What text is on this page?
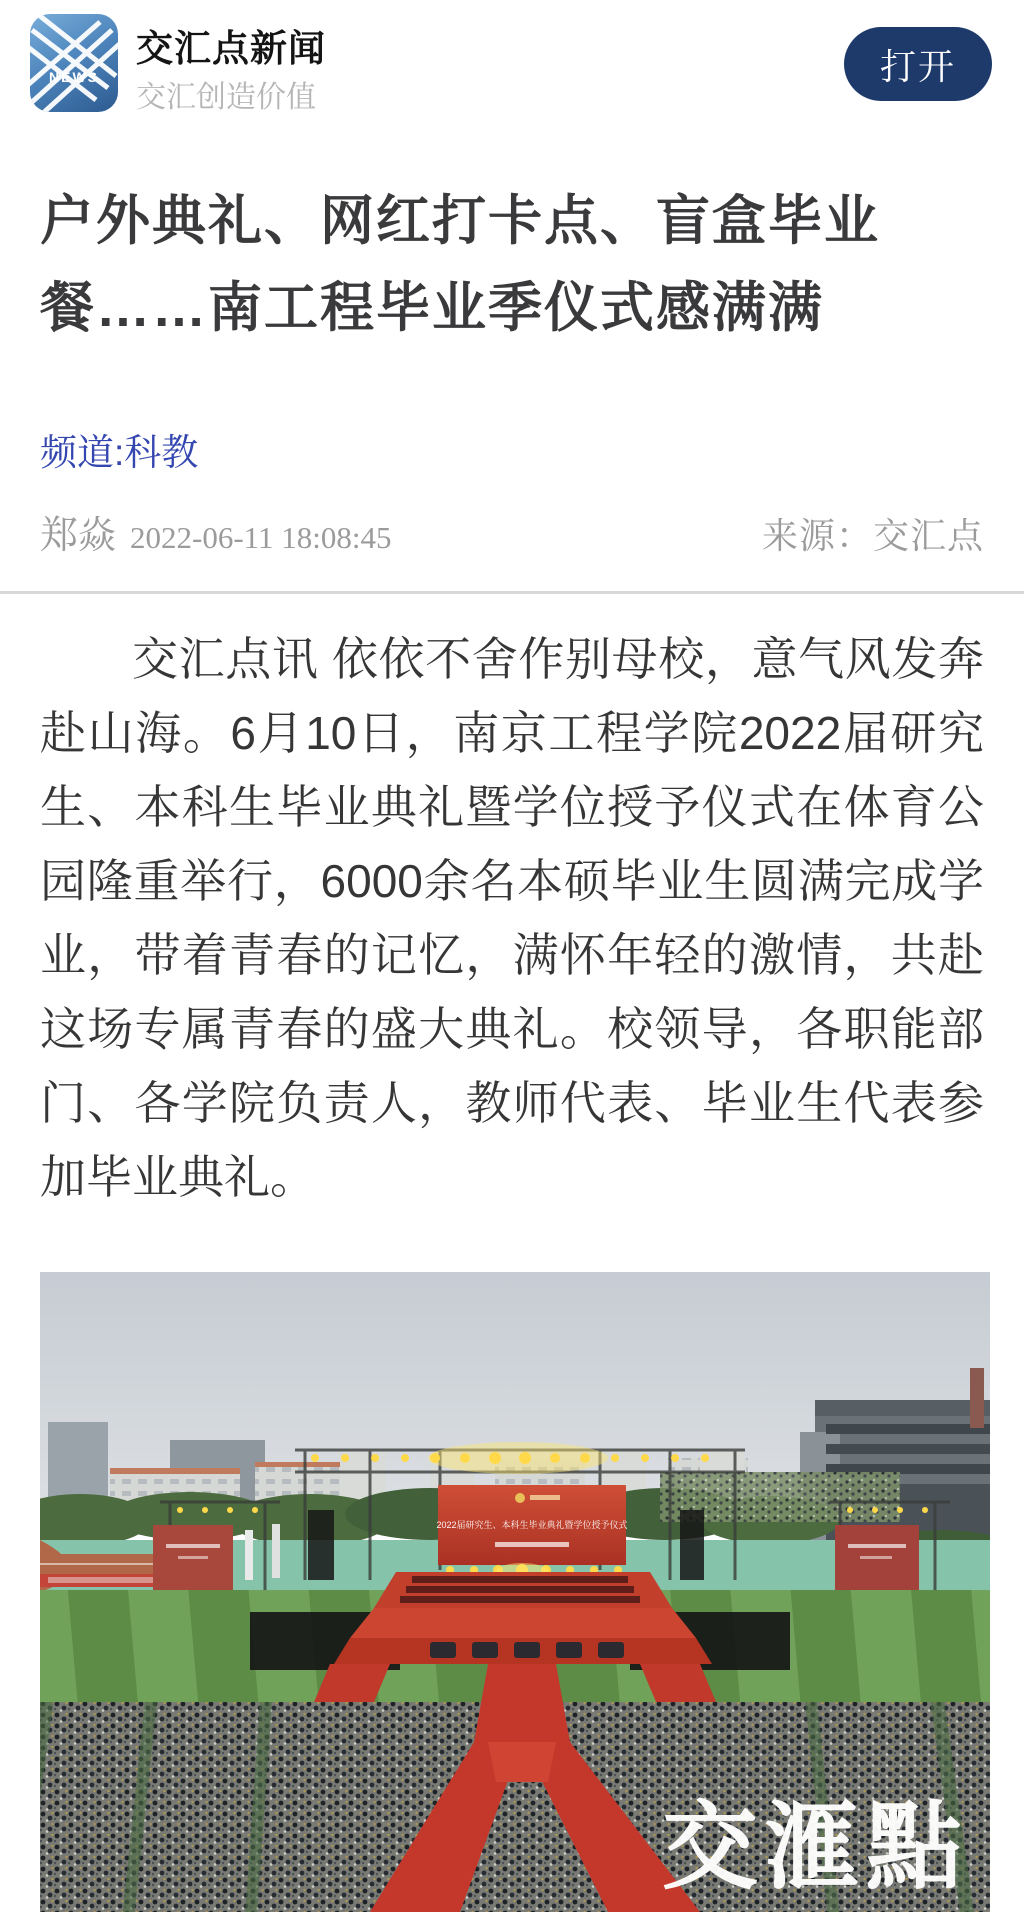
NEWS
交汇点新闻
交汇创造价值
打开
户外典礼、网红打卡点、盲盒毕业餐……南工程毕业季仪式感满满
频道:科教
郑焱 2022-06-11 18:08:45	来源：交汇点

交汇点讯 依依不舍作别母校，意气风发奔赴山海。6月10日，南京工程学院2022届研究生、本科生毕业典礼暨学位授予仪式在体育公园隆重举行，6000余名本硕毕业生圆满完成学业，带着青春的记忆，满怀年轻的激情，共赴这场专属青春的盛大典礼。校领导，各职能部门、各学院负责人，教师代表、毕业生代表参加毕业典礼。

2022届研究生、本科生毕业典礼暨学位授予仪式
交滙點
